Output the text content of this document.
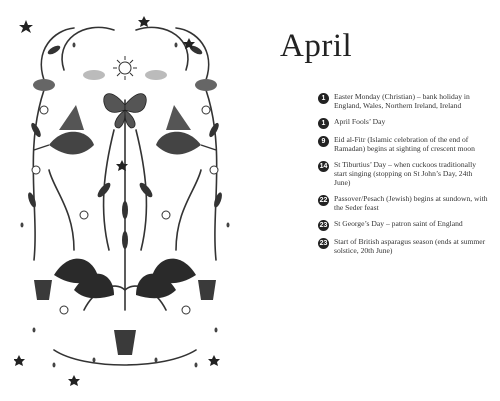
April
1	Easter Monday (Christian) – bank holiday in England, Wales, Northern Ireland, Ireland
1	April Fools’ Day
9	Eid al-Fitr (Islamic celebration of the end of Ramadan) begins at sighting of crescent moon
14 St Tiburtius’ Day – when cuckoos traditionally start singing (stopping on St John’s Day, 24th June)
22 Passover/Pesach (Jewish) begins at sundown, with the Seder feast
23 St George’s Day – patron saint of England
23 Start of British asparagus season (ends at summer solstice, 20th June)
